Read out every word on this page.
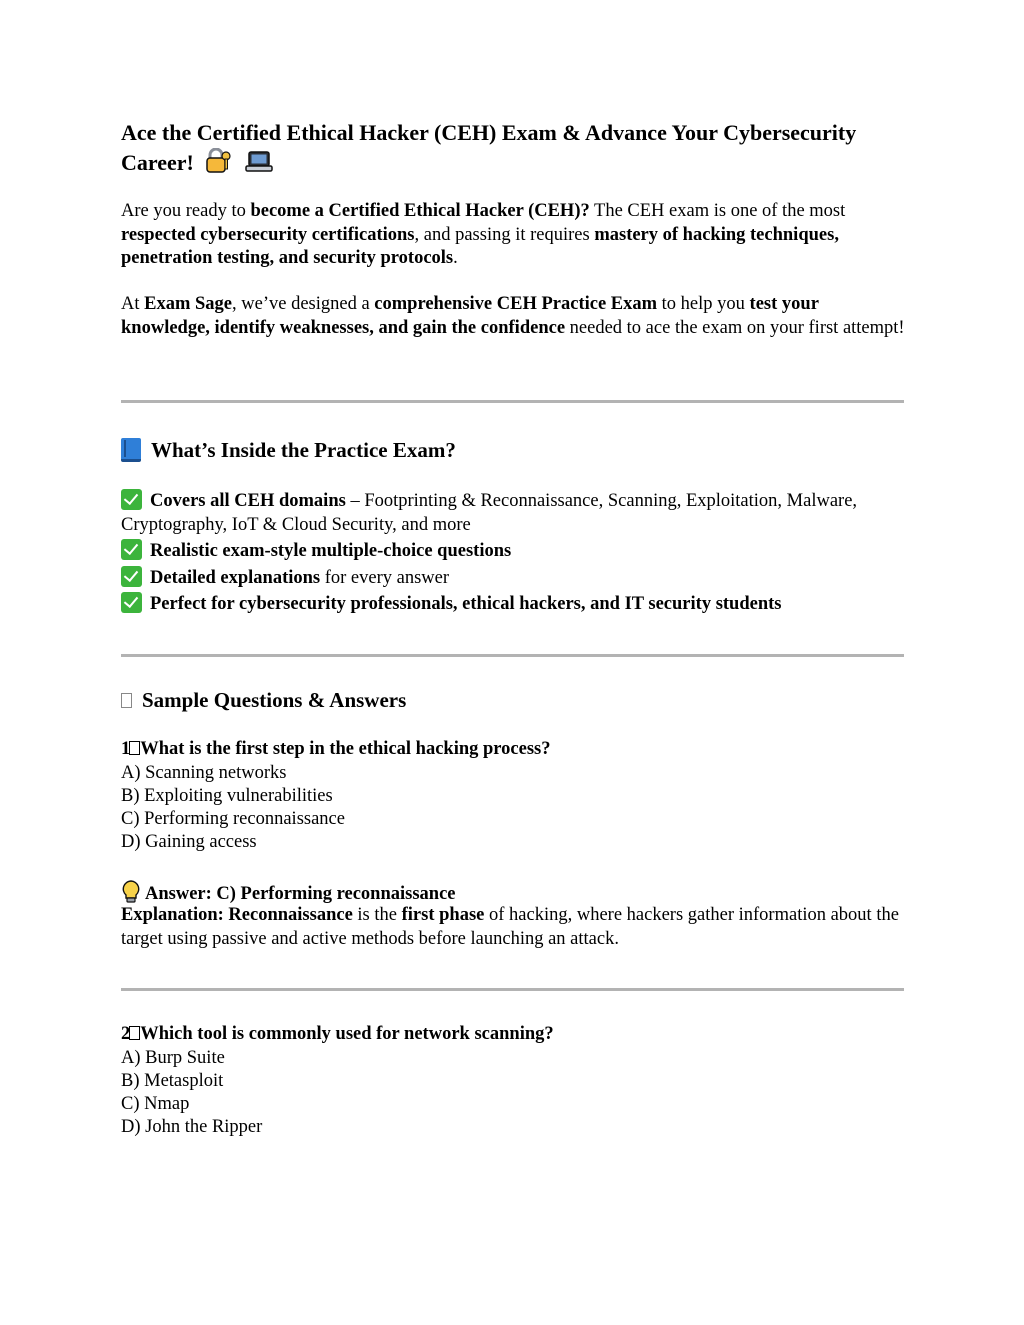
Ace the Certified Ethical Hacker (CEH) Exam & Advance Your Cybersecurity Career!

Are you ready to become a Certified Ethical Hacker (CEH)? The CEH exam is one of the most respected cybersecurity certifications, and passing it requires mastery of hacking techniques, penetration testing, and security protocols.

At Exam Sage, we’ve designed a comprehensive CEH Practice Exam to help you test your knowledge, identify weaknesses, and gain the confidence needed to ace the exam on your first attempt!

What’s Inside the Practice Exam?

Covers all CEH domains – Footprinting & Reconnaissance, Scanning, Exploitation, Malware, Cryptography, IoT & Cloud Security, and more

Realistic exam-style multiple-choice questions

Detailed explanations for every answer

Perfect for cybersecurity professionals, ethical hackers, and IT security students

Sample Questions & Answers

1 What is the first step in the ethical hacking process?

A) Scanning networks

B) Exploiting vulnerabilities

C) Performing reconnaissance

D) Gaining access

Answer: C) Performing reconnaissance

Explanation: Reconnaissance is the first phase of hacking, where hackers gather information about the target using passive and active methods before launching an attack.

2 Which tool is commonly used for network scanning?

A) Burp Suite

B) Metasploit

C) Nmap

D) John the Ripper
